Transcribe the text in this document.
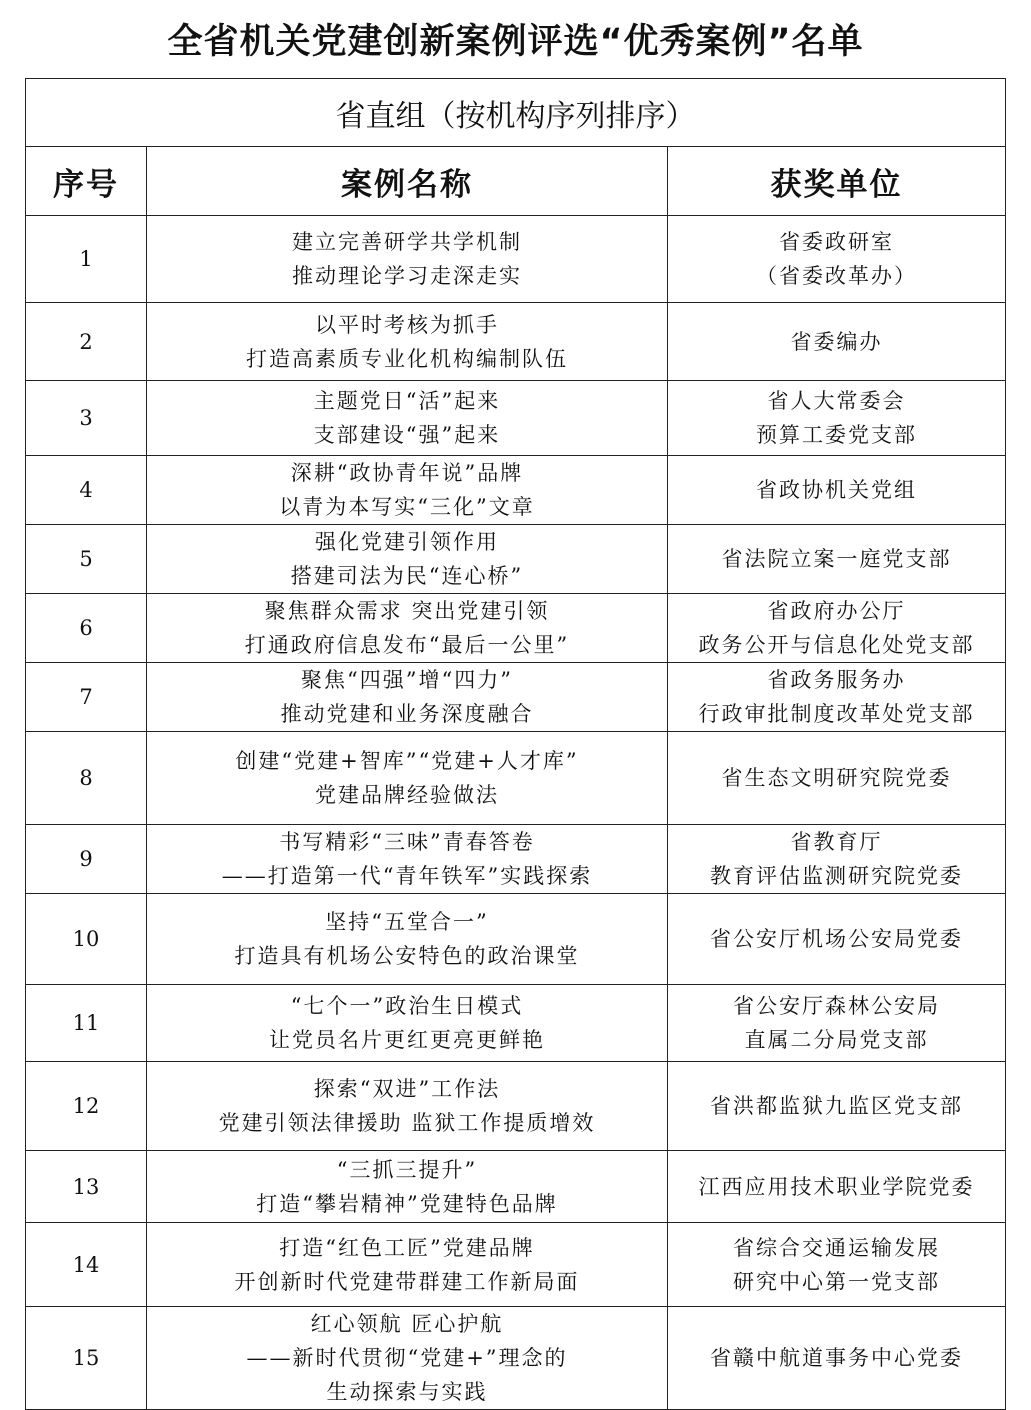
全省机关党建创新案例评选“优秀案例”名单
省直组（按机构序列排序）		
序号	案例名称	获奖单位
1	建立完善研学共学机制
推动理论学习走深走实	省委政研室
（省委改革办）

2	以平时考核为抓手
打造高素质专业化机构编制队伍	省委编办

3	主题党日“活”起来
支部建设“强”起来	省人大常委会
预算工委党支部

4	深耕“政协青年说”品牌
以青为本写实“三化”文章	省政协机关党组

5	强化党建引领作用
搭建司法为民“连心桥”	省法院立案一庭党支部

6	聚焦群众需求 突出党建引领
打通政府信息发布“最后一公里”	省政府办公厅
政务公开与信息化处党支部

7	聚焦“四强”增“四力”
推动党建和业务深度融合	省政务服务办
行政审批制度改革处党支部

8	创建“党建+智库”“党建+人才库”
党建品牌经验做法	省生态文明研究院党委

9	书写精彩“三味”青春答卷
——打造第一代“青年铁军”实践探索	省教育厅
教育评估监测研究院党委

10	坚持“五堂合一”
打造具有机场公安特色的政治课堂	省公安厅机场公安局党委

11	“七个一”政治生日模式
让党员名片更红更亮更鲜艳	省公安厅森林公安局
直属二分局党支部

12	探索“双进”工作法
党建引领法律援助 监狱工作提质增效	省洪都监狱九监区党支部

13	“三抓三提升”
打造“攀岩精神”党建特色品牌	江西应用技术职业学院党委

14	打造“红色工匠”党建品牌
开创新时代党建带群建工作新局面	省综合交通运输发展
研究中心第一党支部

15	红心领航 匠心护航
——新时代贯彻“党建+”理念的
生动探索与实践	省赣中航道事务中心党委
